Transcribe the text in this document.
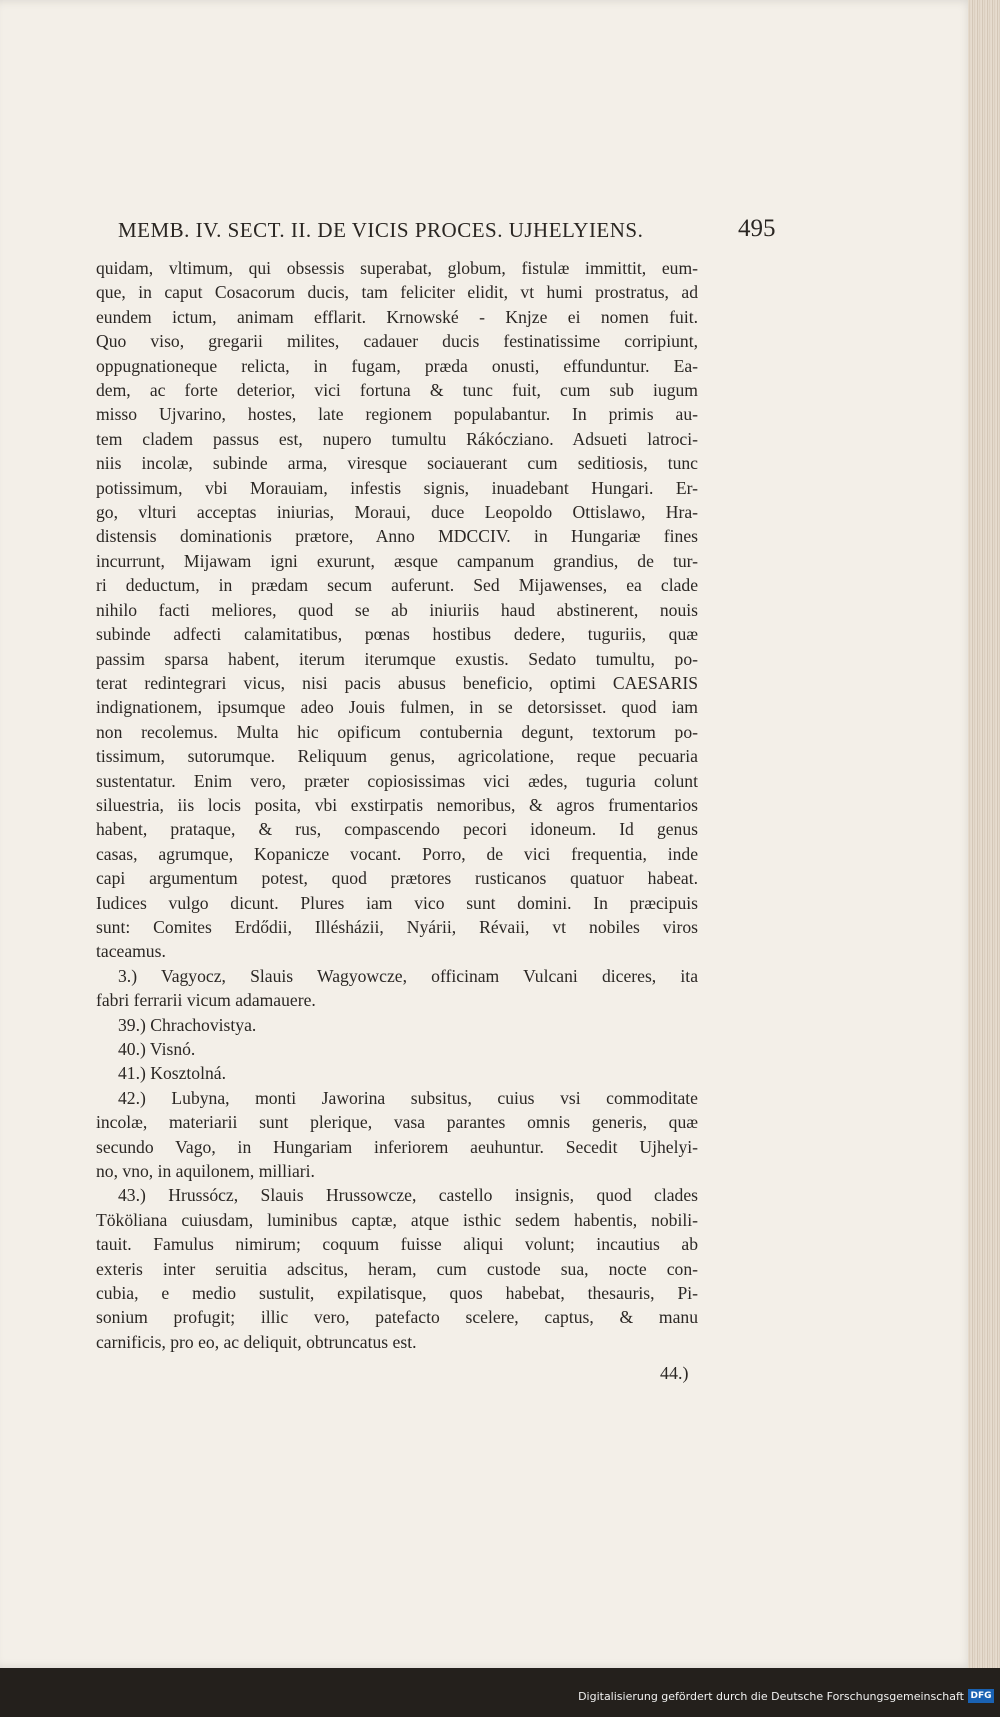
MEMB. IV. SECT. II. DE VICIS PROCES. UJHELYIENS.	495

quidam, vltimum, qui obsessis superabat, globum, fistulæ immittit, eum-
que, in caput Cosacorum ducis, tam feliciter elidit, vt humi prostratus, ad
eundem ictum, animam efflarit. Krnowské - Knjze ei nomen fuit.
Quo viso, gregarii milites, cadauer ducis festinatissime corripiunt,
oppugnationeque relicta, in fugam, præda onusti, effunduntur. Ea-
dem, ac forte deterior, vici fortuna & tunc fuit, cum sub iugum
misso Ujvarino, hostes, late regionem populabantur. In primis au-
tem cladem passus est, nupero tumultu Rákócziano. Adsueti latroci-
niis incolæ, subinde arma, viresque sociauerant cum seditiosis, tunc
potissimum, vbi Morauiam, infestis signis, inuadebant Hungari. Er-
go, vlturi acceptas iniurias, Moraui, duce Leopoldo Ottislawo, Hra-
distensis dominationis prætore, Anno MDCCIV. in Hungariæ fines
incurrunt, Mijawam igni exurunt, æsque campanum grandius, de tur-
ri deductum, in prædam secum auferunt. Sed Mijawenses, ea clade
nihilo facti meliores, quod se ab iniuriis haud abstinerent, nouis
subinde adfecti calamitatibus, pœnas hostibus dedere, tuguriis, quæ
passim sparsa habent, iterum iterumque exustis. Sedato tumultu, po-
terat redintegrari vicus, nisi pacis abusus beneficio, optimi CAESARIS
indignationem, ipsumque adeo Jouis fulmen, in se detorsisset. quod iam
non recolemus. Multa hic opificum contubernia degunt, textorum po-
tissimum, sutorumque. Reliquum genus, agricolatione, reque pecuaria
sustentatur. Enim vero, præter copiosissimas vici ædes, tuguria colunt
siluestria, iis locis posita, vbi exstirpatis nemoribus, & agros frumentarios
habent, prataque, & rus, compascendo pecori idoneum. Id genus
casas, agrumque, Kopanicze vocant. Porro, de vici frequentia, inde
capi argumentum potest, quod prætores rusticanos quatuor habeat.
Iudices vulgo dicunt. Plures iam vico sunt domini. In præcipuis
sunt: Comites Erdődii, Illésházii, Nyárii, Révaii, vt nobiles viros
taceamus.

3.) Vagyocz, Slauis Wagyowcze, officinam Vulcani diceres, ita
fabri ferrarii vicum adamauere.

39.) Chrachovistya.

40.) Visnó.

41.) Kosztolná.

42.) Lubyna, monti Jaworina subsitus, cuius vsi commoditate
incolæ, materiarii sunt plerique, vasa parantes omnis generis, quæ
secundo Vago, in Hungariam inferiorem aeuhuntur. Secedit Ujhelyi-
no, vno, in aquilonem, milliari.

43.) Hrussócz, Slauis Hrussowcze, castello insignis, quod clades
Tököliana cuiusdam, luminibus captæ, atque isthic sedem habentis, nobili-
tauit. Famulus nimirum; coquum fuisse aliqui volunt; incautius ab
exteris inter seruitia adscitus, heram, cum custode sua, nocte con-
cubia, e medio sustulit, expilatisque, quos habebat, thesauris, Pi-
sonium profugit; illic vero, patefacto scelere, captus, & manu
carnificis, pro eo, ac deliquit, obtruncatus est.

44.)
Digitalisierung gefördert durch die Deutsche Forschungsgemeinschaft DFG
